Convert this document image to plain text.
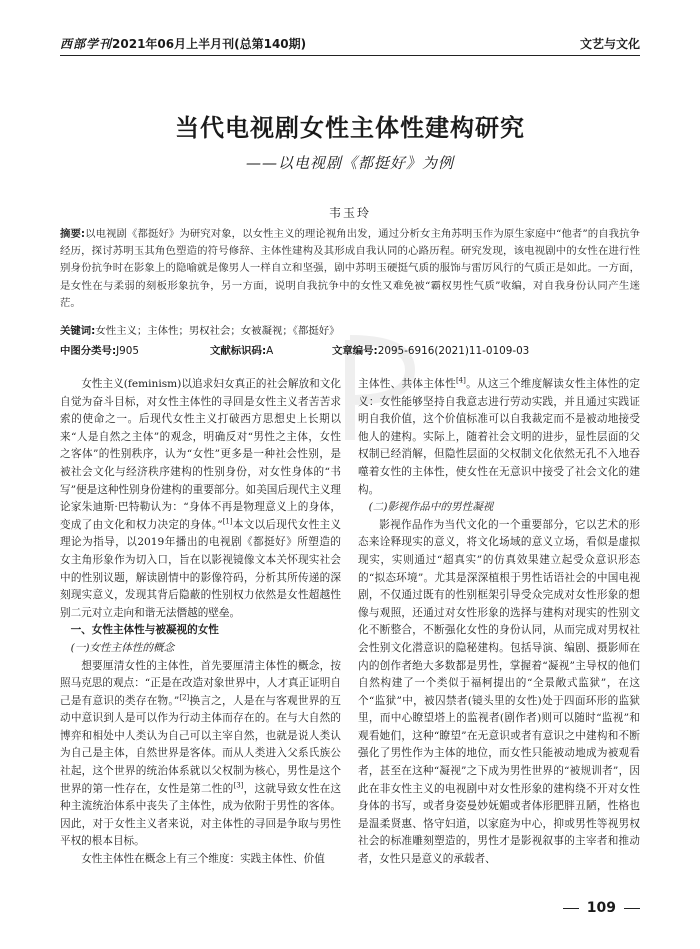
西部学刊2021年06月上半月刊(总第140期)	文艺与文化
当代电视剧女性主体性建构研究
——以电视剧《都挺好》为例
韦玉玲
摘要:以电视剧《都挺好》为研究对象，以女性主义的理论视角出发，通过分析女主角苏明玉作为原生家庭中“他者”的自我抗争经历，探讨苏明玉其角色塑造的符号修辞、主体性建构及其形成自我认同的心路历程。研究发现，该电视剧中的女性在进行性别身份抗争时在影象上的隐喻就是像男人一样自立和坚强，剧中苏明玉硬挺气质的服饰与雷厉风行的气质正是如此。一方面，是女性在与柔弱的刻板形象抗争，另一方面，说明自我抗争中的女性又难免被“霸权男性气质”收编，对自我身份认同产生迷茫。
关键词:女性主义；主体性；男权社会；女被凝视；《都挺好》
中图分类号:J905	文献标识码:A	文章编号:2095-6916(2021)11-0109-03

女性主义(feminism)以追求妇女真正的社会解放和文化自觉为奋斗目标，对女性主体性的寻回是女性主义者苦苦求索的使命之一。后现代女性主义打破西方思想史上长期以来“人是自然之主体”的观念，明确反对“男性之主体，女性之客体”的性别秩序，认为“女性”更多是一种社会性别，是被社会文化与经济秩序建构的性别身份，对女性身体的“书写”便是这种性别身份建构的重要部分。如美国后现代主义理论家朱迪斯·巴特勒认为：“身体不再是物理意义上的身体，变成了由文化和权力决定的身体。”[1]本文以后现代女性主义理论为指导，以2019年播出的电视剧《都挺好》所塑造的女主角形象作为切入口，旨在以影视镜像文本关怀现实社会中的性别议题，解读剧情中的影像符码，分析其所传递的深刻现实意义，发现其背后隐蔽的性别权力依然是女性超越性别二元对立走向和谐无法僭越的壁垒。

一、女性主体性与被凝视的女性

(一)女性主体性的概念

想要厘清女性的主体性，首先要厘清主体性的概念，按照马克思的观点：“正是在改造对象世界中，人才真正证明自己是有意识的类存在物。”[2]换言之，人是在与客观世界的互动中意识到人是可以作为行动主体而存在的。在与大自然的博弈和相处中人类认为自己可以主宰自然，也就是说人类认为自己是主体，自然世界是客体。而从人类进入父系氏族公社起，这个世界的统治体系就以父权制为核心，男性是这个世界的第一性存在，女性是第二性的[3]，这就导致女性在这种主流统治体系中丧失了主体性，成为依附于男性的客体。因此，对于女性主义者来说，对主体性的寻回是争取与男性平权的根本目标。

女性主体性在概念上有三个维度：实践主体性、价值

主体性、共体主体性[4]。从这三个维度解读女性主体性的定义：女性能够坚持自我意志进行劳动实践，并且通过实践证明自我价值，这个价值标准可以自我裁定而不是被动地接受他人的建构。实际上，随着社会文明的进步，显性层面的父权制已经消解，但隐性层面的父权制文化依然无孔不入地吞噬着女性的主体性，使女性在无意识中接受了社会文化的建构。

(二)影视作品中的男性凝视

影视作品作为当代文化的一个重要部分，它以艺术的形态来诠释现实的意义，将文化场域的意义立场，看似是虚拟现实，实则通过“超真实”的仿真效果建立起受众意识形态的“拟态环境”。尤其是深深植根于男性话语社会的中国电视剧，不仅通过既有的性别框架引导受众完成对女性形象的想像与观照，还通过对女性形象的选择与建构对现实的性别文化不断整合，不断强化女性的身份认同，从而完成对男权社会性别文化潜意识的隐秘建构。包括导演、编剧、摄影师在内的创作者绝大多数都是男性，掌握着“凝视”主导权的他们自然构建了一个类似于福柯提出的“全景敞式监狱”，在这个“监狱”中，被囚禁者(镜头里的女性)处于四面环形的监狱里，而中心瞭望塔上的监视者(剧作者)则可以随时“监视”和观看她们，这种“瞭望”在无意识或者有意识之中建构和不断强化了男性作为主体的地位，而女性只能被动地成为被观看者，甚至在这种“凝视”之下成为男性世界的“被规训者”，因此在非女性主义的电视剧中对女性形象的建构绕不开对女性身体的书写，或者身姿曼妙妩媚或者体形肥胖丑陋，性格也是温柔贤惠、恪守妇道，以家庭为中心，抑或男性等视男权社会的标准雕刻塑造的，男性才是影视叙事的主宰者和推动者，女性只是意义的承载者、

109
